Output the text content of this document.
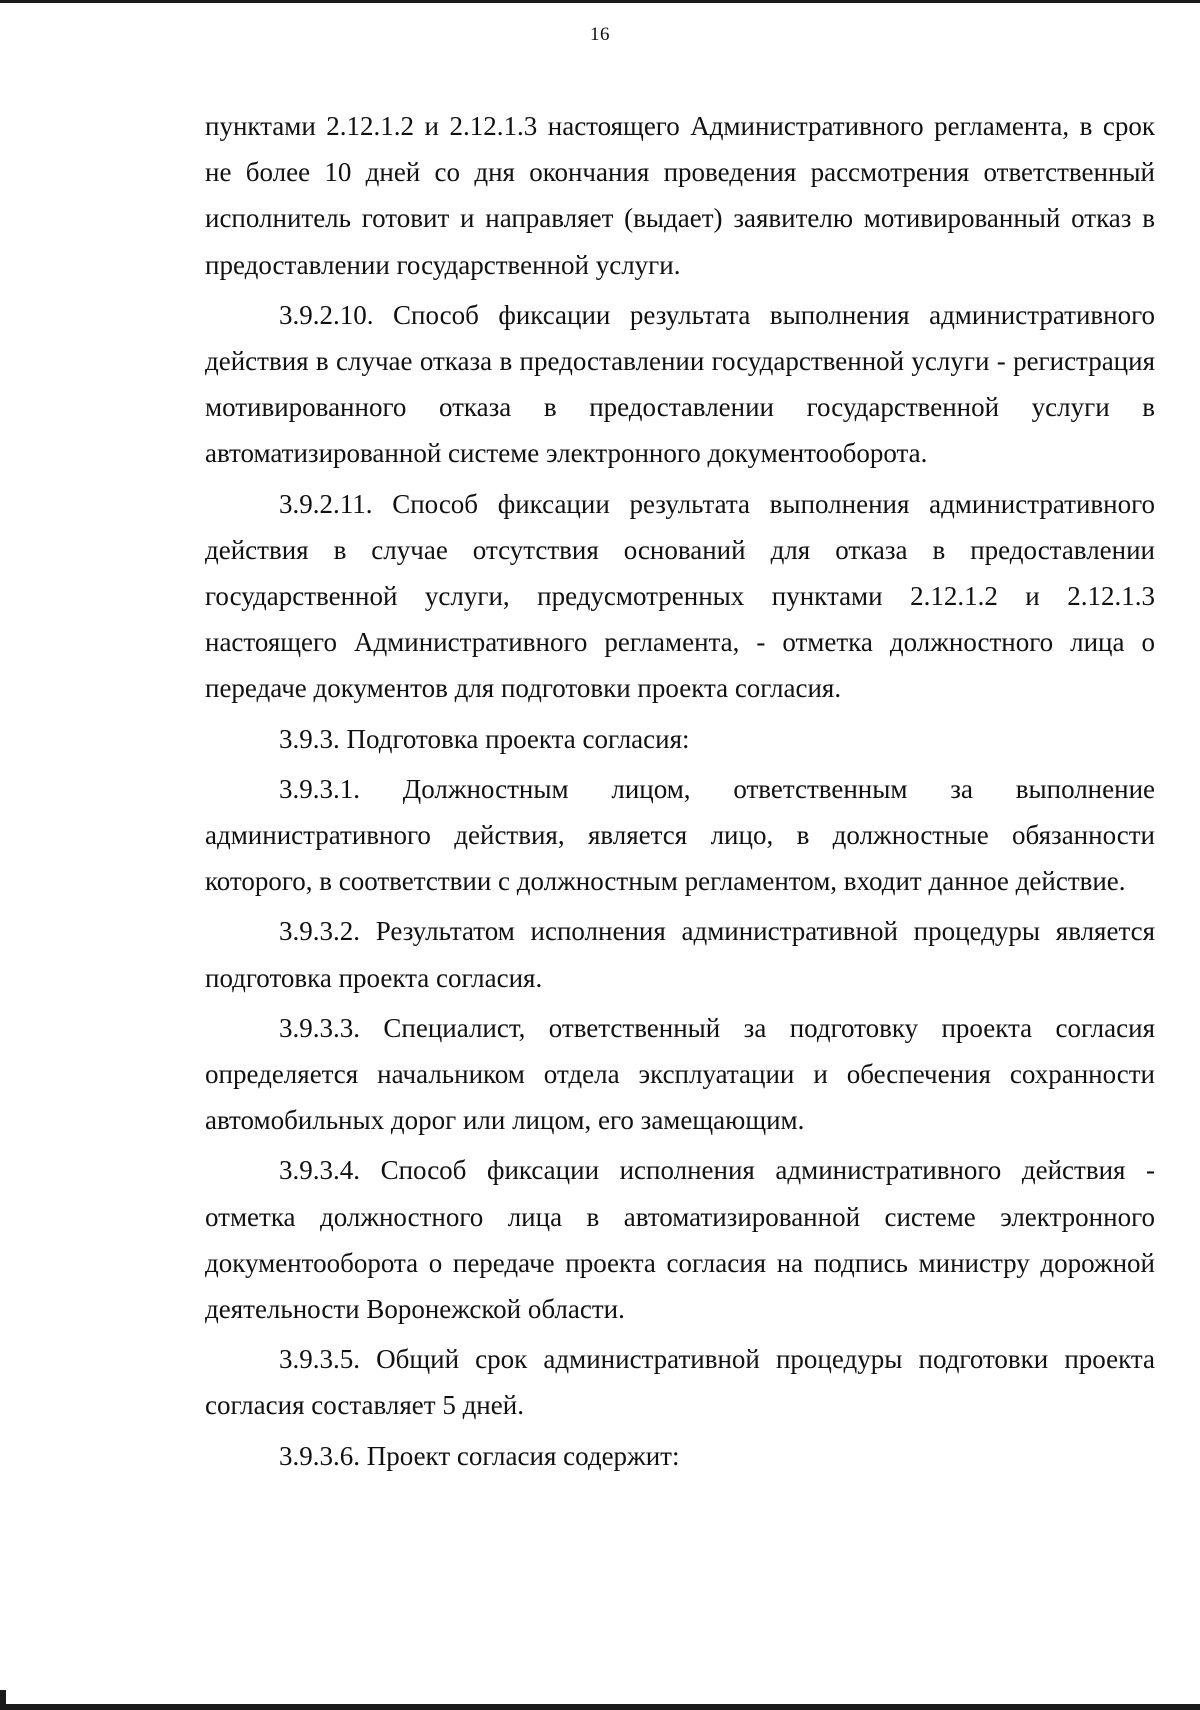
16

пунктами 2.12.1.2 и 2.12.1.3 настоящего Административного регламента, в срок не более 10 дней со дня окончания проведения рассмотрения ответственный исполнитель готовит и направляет (выдает) заявителю мотивированный отказ в предоставлении государственной услуги.

3.9.2.10. Способ фиксации результата выполнения административного действия в случае отказа в предоставлении государственной услуги - регистрация мотивированного отказа в предоставлении государственной услуги в автоматизированной системе электронного документооборота.

3.9.2.11. Способ фиксации результата выполнения административного действия в случае отсутствия оснований для отказа в предоставлении государственной услуги, предусмотренных пунктами 2.12.1.2 и 2.12.1.3 настоящего Административного регламента, - отметка должностного лица о передаче документов для подготовки проекта согласия.

3.9.3. Подготовка проекта согласия:

3.9.3.1. Должностным лицом, ответственным за выполнение административного действия, является лицо, в должностные обязанности которого, в соответствии с должностным регламентом, входит данное действие.

3.9.3.2. Результатом исполнения административной процедуры является подготовка проекта согласия.

3.9.3.3. Специалист, ответственный за подготовку проекта согласия определяется начальником отдела эксплуатации и обеспечения сохранности автомобильных дорог или лицом, его замещающим.

3.9.3.4. Способ фиксации исполнения административного действия - отметка должностного лица в автоматизированной системе электронного документооборота о передаче проекта согласия на подпись министру дорожной деятельности Воронежской области.

3.9.3.5. Общий срок административной процедуры подготовки проекта согласия составляет 5 дней.

3.9.3.6. Проект согласия содержит:
